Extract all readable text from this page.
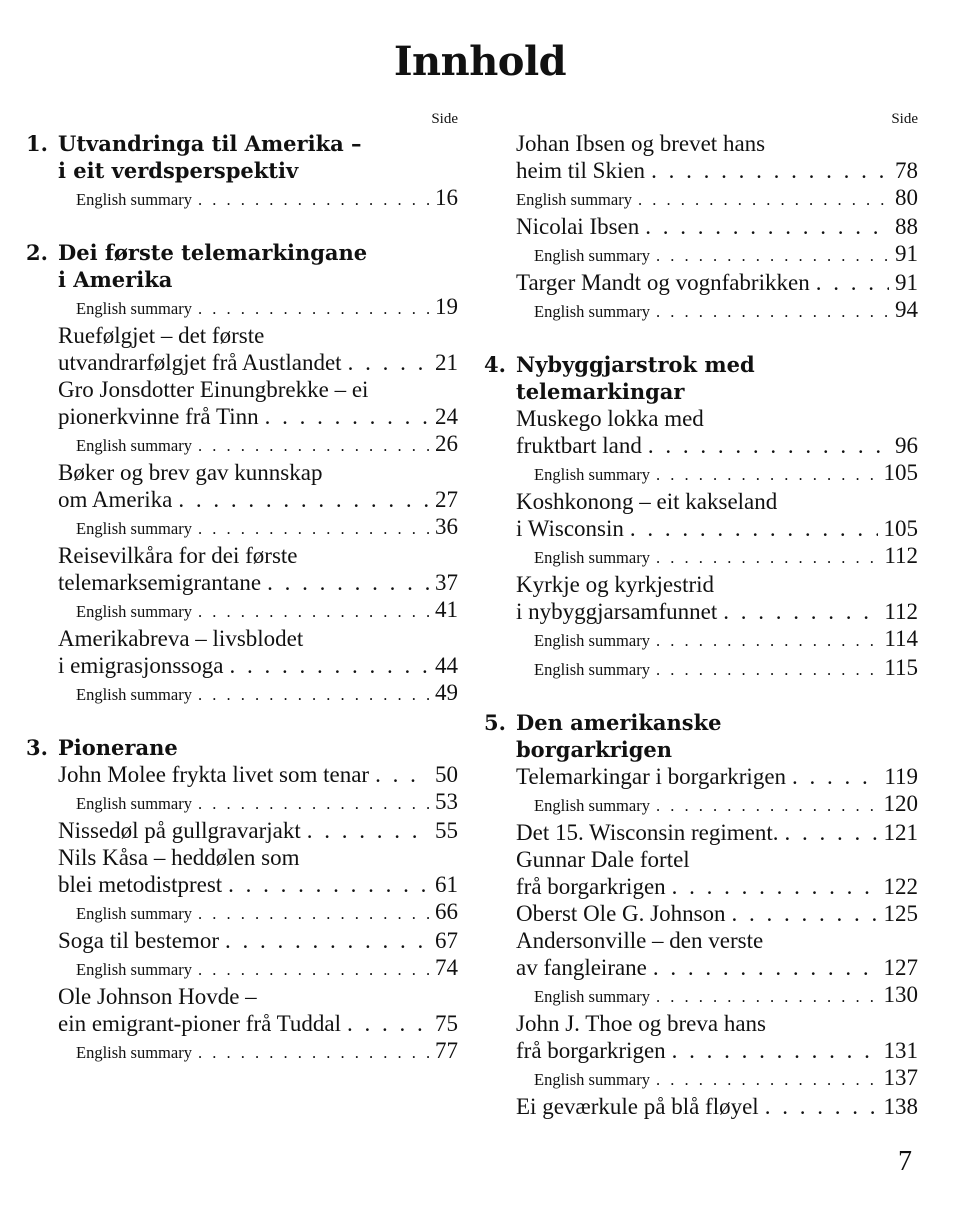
Innhold
Side
1. Utvandringa til Amerika –
i eit verdsperspektiv
English summary . . .	16
2. Dei første telemarkingane
i Amerika
English summary . . .	19
Ruefølgjet – det første
utvandrarfølgjet frå Austlandet . . .	21
Gro Jonsdotter Einungbrekke – ei
pionerkvinne frå Tinn . . .	24
English summary . . .	26
Bøker og brev gav kunnskap
om Amerika . . .	27
English summary . . .	36
Reisevilkåra for dei første
telemarksemigrantane . . .	37
English summary . . .	41
Amerikabreva – livsblodet
i emigrasjonssoga . . .	44
English summary . . .	49
3. Pionerane
John Molee frykta livet som tenar . . .	50
English summary . . .	53
Nissedøl på gullgravarjakt . . .	55
Nils Kåsa – heddølen som
blei metodistprest . . .	61
English summary . . .	66
Soga til bestemor . . .	67
English summary . . .	74
Ole Johnson Hovde –
ein emigrant-pioner frå Tuddal . . .	75
English summary . . .	77
Side
Johan Ibsen og brevet hans
heim til Skien . . .	78
English summary . . .	80
Nicolai Ibsen . . .	88
English summary . . .	91
Targer Mandt og vognfabrikken . . .	91
English summary . . .	94
4. Nybyggjarstrok med
telemarkingar
Muskego lokka med
fruktbart land . . .	96
English summary . . .	105
Koshkonong – eit kakseland
i Wisconsin . . .	105
English summary . . .	112
Kyrkje og kyrkjestrid
i nybyggjarsamfunnet . . .	112
English summary . . .	114
English summary . . .	115
5. Den amerikanske
borgarkrigen
Telemarkingar i borgarkrigen . . .	119
English summary . . .	120
Det 15. Wisconsin regiment. . . .	121
Gunnar Dale fortel
frå borgarkrigen . . .	122
Oberst Ole G. Johnson . . .	125
Andersonville – den verste
av fangleirane . . .	127
English summary . . .	130
John J. Thoe og breva hans
frå borgarkrigen . . .	131
English summary . . .	137
Ei geværkule på blå fløyel . . .	138
7
